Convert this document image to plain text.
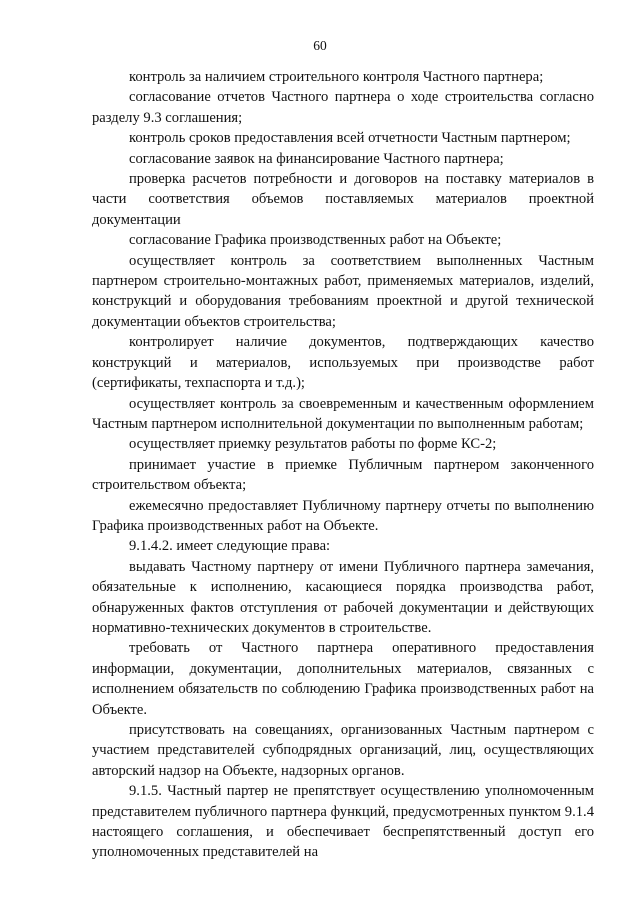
60

контроль за наличием строительного контроля Частного партнера;

согласование отчетов Частного партнера о ходе строительства согласно разделу 9.3 соглашения;

контроль сроков предоставления всей отчетности Частным партнером;

согласование заявок на финансирование Частного партнера;

проверка расчетов потребности и договоров на поставку материалов в части соответствия объемов поставляемых материалов проектной документации

согласование Графика производственных работ на Объекте;

осуществляет контроль за соответствием выполненных Частным партнером строительно-монтажных работ, применяемых материалов, изделий, конструкций и оборудования требованиям проектной и другой технической документации объектов строительства;

контролирует наличие документов, подтверждающих качество конструкций и материалов, используемых при производстве работ (сертификаты, техпаспорта и т.д.);

осуществляет контроль за своевременным и качественным оформлением Частным партнером исполнительной документации по выполненным работам;

осуществляет приемку результатов работы по форме КС-2;

принимает участие в приемке Публичным партнером законченного строительством объекта;

ежемесячно предоставляет Публичному партнеру отчеты по выполнению Графика производственных работ на Объекте.

9.1.4.2. имеет следующие права:

выдавать Частному партнеру от имени Публичного партнера замечания, обязательные к исполнению, касающиеся порядка производства работ, обнаруженных фактов отступления от рабочей документации и действующих нормативно-технических документов в строительстве.

требовать от Частного партнера оперативного предоставления информации, документации, дополнительных материалов, связанных с исполнением обязательств по соблюдению Графика производственных работ на Объекте.

присутствовать на совещаниях, организованных Частным партнером с участием представителей субподрядных организаций, лиц, осуществляющих авторский надзор на Объекте, надзорных органов.

9.1.5. Частный партер не препятствует осуществлению уполномоченным представителем публичного партнера функций, предусмотренных пунктом 9.1.4 настоящего соглашения, и обеспечивает беспрепятственный доступ его уполномоченных представителей на
